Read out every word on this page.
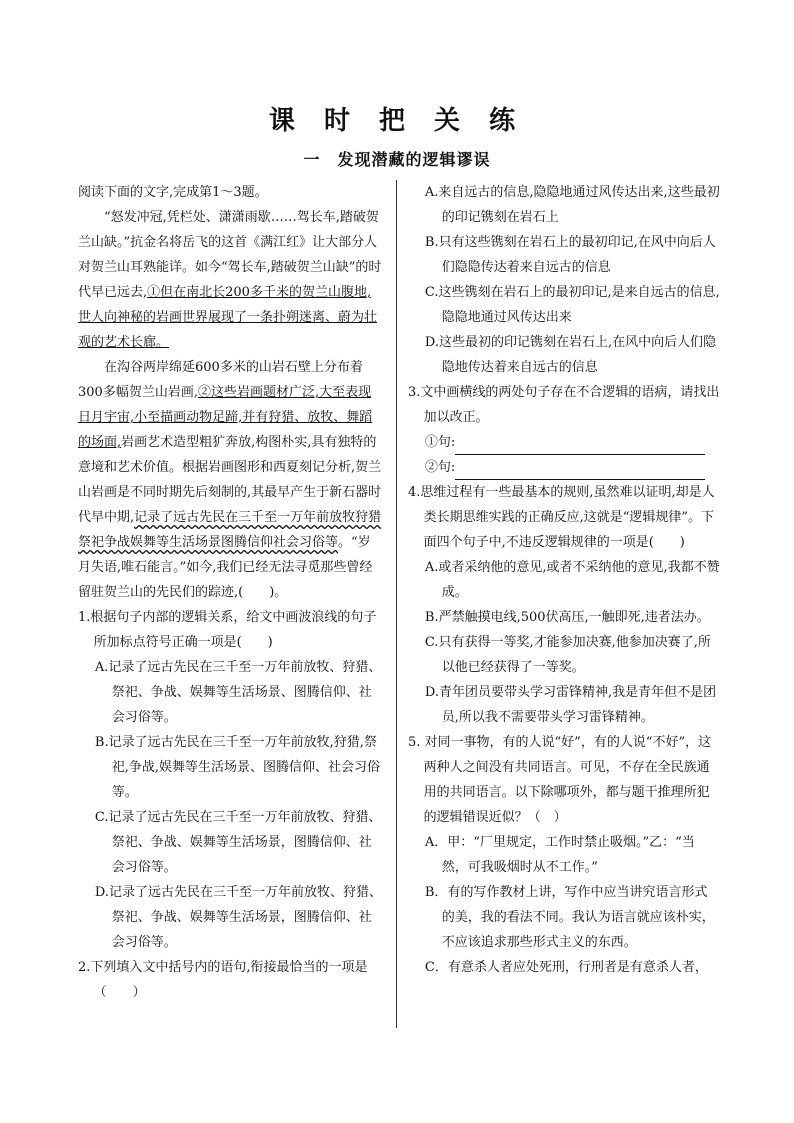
课 时 把 关 练
一　发现潜藏的逻辑谬误

阅读下面的文字,完成第1～3题。

“怒发冲冠,凭栏处、潇潇雨歇……驾长车,踏破贺兰山缺。”抗金名将岳飞的这首《满江红》让大部分人对贺兰山耳熟能详。如今“驾长车,踏破贺兰山缺”的时代早已远去,①但在南北长200多千米的贺兰山腹地,世人向神秘的岩画世界展现了一条扑朔迷离、蔚为壮观的艺术长廊。

在沟谷两岸绵延600多米的山岩石壁上分布着300多幅贺兰山岩画,②这些岩画题材广泛,大至表现日月宇宙,小至描画动物足蹄,并有狩猎、放牧、舞蹈的场面,岩画艺术造型粗犷奔放,构图朴实,具有独特的意境和艺术价值。根据岩画图形和西夏刻记分析,贺兰山岩画是不同时期先后刻制的,其最早产生于新石器时代早中期,记录了远古先民在三千至一万年前放牧狩猎祭祀争战娱舞等生活场景图腾信仰社会习俗等。“岁月失语,唯石能言。”如今,我们已经无法寻觅那些曾经留驻贺兰山的先民们的踪迹,(　　)。

1.根据句子内部的逻辑关系，给文中画波浪线的句子所加标点符号正确一项是(　　)

A.记录了远古先民在三千至一万年前放牧、狩猎、祭祀、争战、娱舞等生活场景、图腾信仰、社会习俗等。

B.记录了远古先民在三千至一万年前放牧,狩猎,祭祀,争战,娱舞等生活场景、图腾信仰、社会习俗等。

C.记录了远古先民在三千至一万年前放牧、狩猎、祭祀、争战、娱舞等生活场景，图腾信仰、社会习俗等。

D.记录了远古先民在三千至一万年前放牧、狩猎、祭祀、争战、娱舞等生活场景，图腾信仰、社会习俗等。

2.下列填入文中括号内的语句,衔接最恰当的一项是（　　）

A.来自远古的信息,隐隐地通过风传达出来,这些最初的印记镌刻在岩石上

B.只有这些镌刻在岩石上的最初印记,在风中向后人们隐隐传达着来自远古的信息

C.这些镌刻在岩石上的最初印记,是来自远古的信息,隐隐地通过风传达出来

D.这些最初的印记镌刻在岩石上,在风中向后人们隐隐地传达着来自远古的信息

3.文中画横线的两处句子存在不合逻辑的语病，请找出加以改正。

①句:

②句:

4.思维过程有一些最基本的规则,虽然难以证明,却是人类长期思维实践的正确反应,这就是“逻辑规律”。下面四个句子中,不违反逻辑规律的一项是(　　)

A.或者采纳他的意见,或者不采纳他的意见,我都不赞成。

B.严禁触摸电线,500伏高压,一触即死,违者法办。

C.只有获得一等奖,才能参加决赛,他参加决赛了,所以他已经获得了一等奖。

D.青年团员要带头学习雷锋精神,我是青年但不是团员,所以我不需要带头学习雷锋精神。

5. 对同一事物，有的人说“好”，有的人说“不好”，这两种人之间没有共同语言。可见，不存在全民族通用的共同语言。以下除哪项外，都与题干推理所犯的逻辑错误近似？（　）

A．甲：“厂里规定，工作时禁止吸烟。”乙：“当然，可我吸烟时从不工作。”

B．有的写作教材上讲，写作中应当讲究语言形式的美，我的看法不同。我认为语言就应该朴实，不应该追求那些形式主义的东西。

C．有意杀人者应处死刑，行刑者是有意杀人者，
